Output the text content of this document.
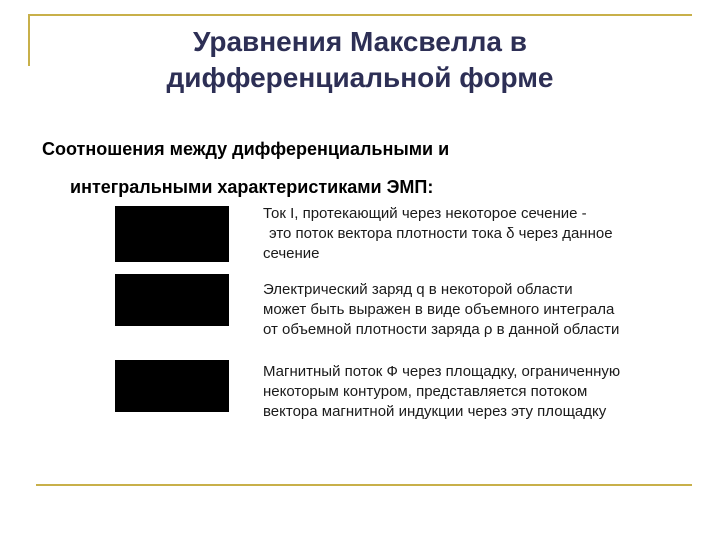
Уравнения Максвелла в
дифференциальной форме
Соотношения между дифференциальными и
интегральными характеристиками ЭМП:
Ток I, протекающий через некоторое сечение -
это поток вектора плотности тока δ через данное
сечение
Электрический заряд q в некоторой области
может быть выражен в виде объемного интеграла
от объемной плотности заряда ρ в данной области
Магнитный поток Ф через площадку, ограниченную
некоторым контуром, представляется потоком
вектора магнитной индукции через эту площадку
